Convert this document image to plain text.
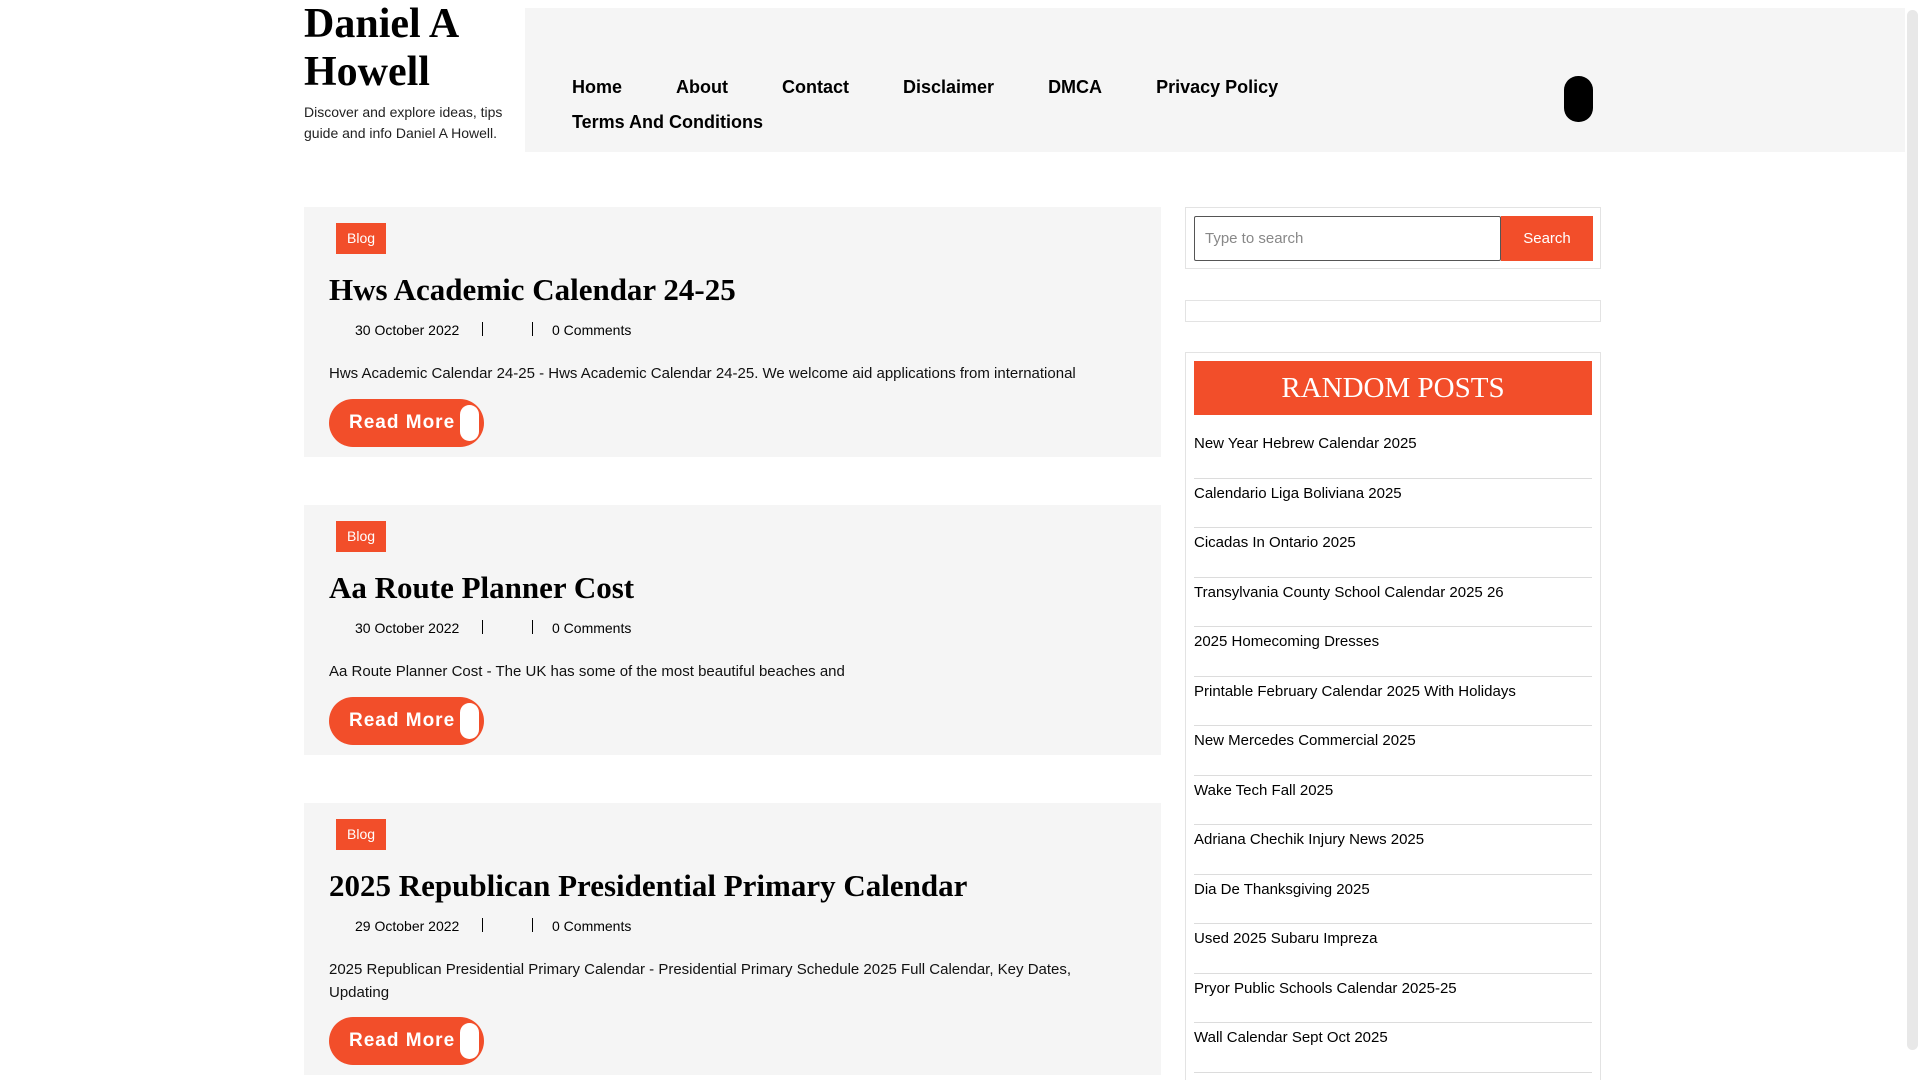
Daniel A Howell
Discover and explore ideas, tips guide and info Daniel A Howell.
Home	About	Contact	Disclaimer	DMCA	Privacy Policy
Terms And Conditions
Blog
Hws Academic Calendar 24-25
30 October 2022	0 Comments

Hws Academic Calendar 24-25 - Hws Academic Calendar 24-25. We welcome aid applications from international

Read More
Blog
Aa Route Planner Cost
30 October 2022	0 Comments

Aa Route Planner Cost - The UK has some of the most beautiful beaches and

Read More
Blog
2025 Republican Presidential Primary Calendar
29 October 2022	0 Comments

2025 Republican Presidential Primary Calendar - Presidential Primary Schedule 2025 Full Calendar, Key Dates, Updating

Read More
Type to search
Search
RANDOM POSTS
New Year Hebrew Calendar 2025
Calendario Liga Boliviana 2025
Cicadas In Ontario 2025
Transylvania County School Calendar 2025 26
2025 Homecoming Dresses
Printable February Calendar 2025 With Holidays
New Mercedes Commercial 2025
Wake Tech Fall 2025
Adriana Chechik Injury News 2025
Dia De Thanksgiving 2025
Used 2025 Subaru Impreza
Pryor Public Schools Calendar 2025-25
Wall Calendar Sept Oct 2025
